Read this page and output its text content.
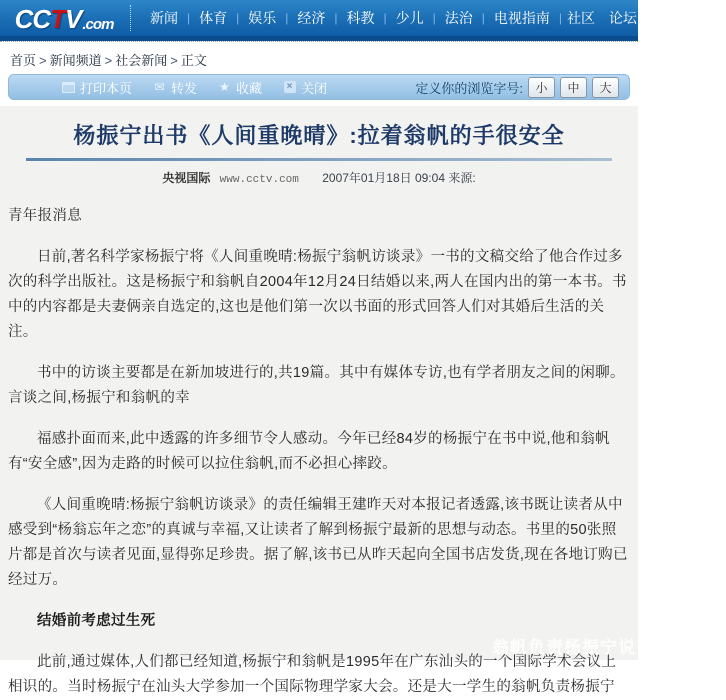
CC T V .com	新闻 | 体育 | 娱乐 | 经济 | 科教 | 少儿 | 法治 | 电视指南 | 社区 论坛 博客 播客
首页 > 新闻频道 > 社会新闻 > 正文
打印本页 ✉ 转发 ★ 收藏	× 关闭	定义你的浏览字号:	小	中	大
杨振宁出书《人间重晚晴》:拉着翁帆的手很安全
央视国际 www.cctv.com 2007年01月18日 09:04 来源:

青年报消息

日前,著名科学家杨振宁将《人间重晚晴:杨振宁翁帆访谈录》一书的文稿交给了他合作过多次的科学出版社。这是杨振宁和翁帆自2004年12月24日结婚以来,两人在国内出的第一本书。书中的内容都是夫妻俩亲自选定的,这也是他们第一次以书面的形式回答人们对其婚后生活的关注。

书中的访谈主要都是在新加坡进行的,共19篇。其中有媒体专访,也有学者朋友之间的闲聊。言谈之间,杨振宁和翁帆的幸

福感扑面而来,此中透露的许多细节令人感动。今年已经84岁的杨振宁在书中说,他和翁帆有“安全感”,因为走路的时候可以拉住翁帆,而不必担心摔跤。

《人间重晚晴:杨振宁翁帆访谈录》的责任编辑王建昨天对本报记者透露,该书既让读者从中感受到“杨翁忘年之恋”的真诚与幸福,又让读者了解到杨振宁最新的思想与动态。书里的50张照片都是首次与读者见面,显得弥足珍贵。据了解,该书已从昨天起向全国书店发货,现在各地订购已经过万。

结婚前考虑过生死

此前,通过媒体,人们都已经知道,杨振宁和翁帆是1995年在广东汕头的一个国际学术会议上相识的。当时杨振宁在汕头大学参加一个国际物理学家大会。还是大一学生的翁帆负责杨振宁

翁帆负责杨振宁说
